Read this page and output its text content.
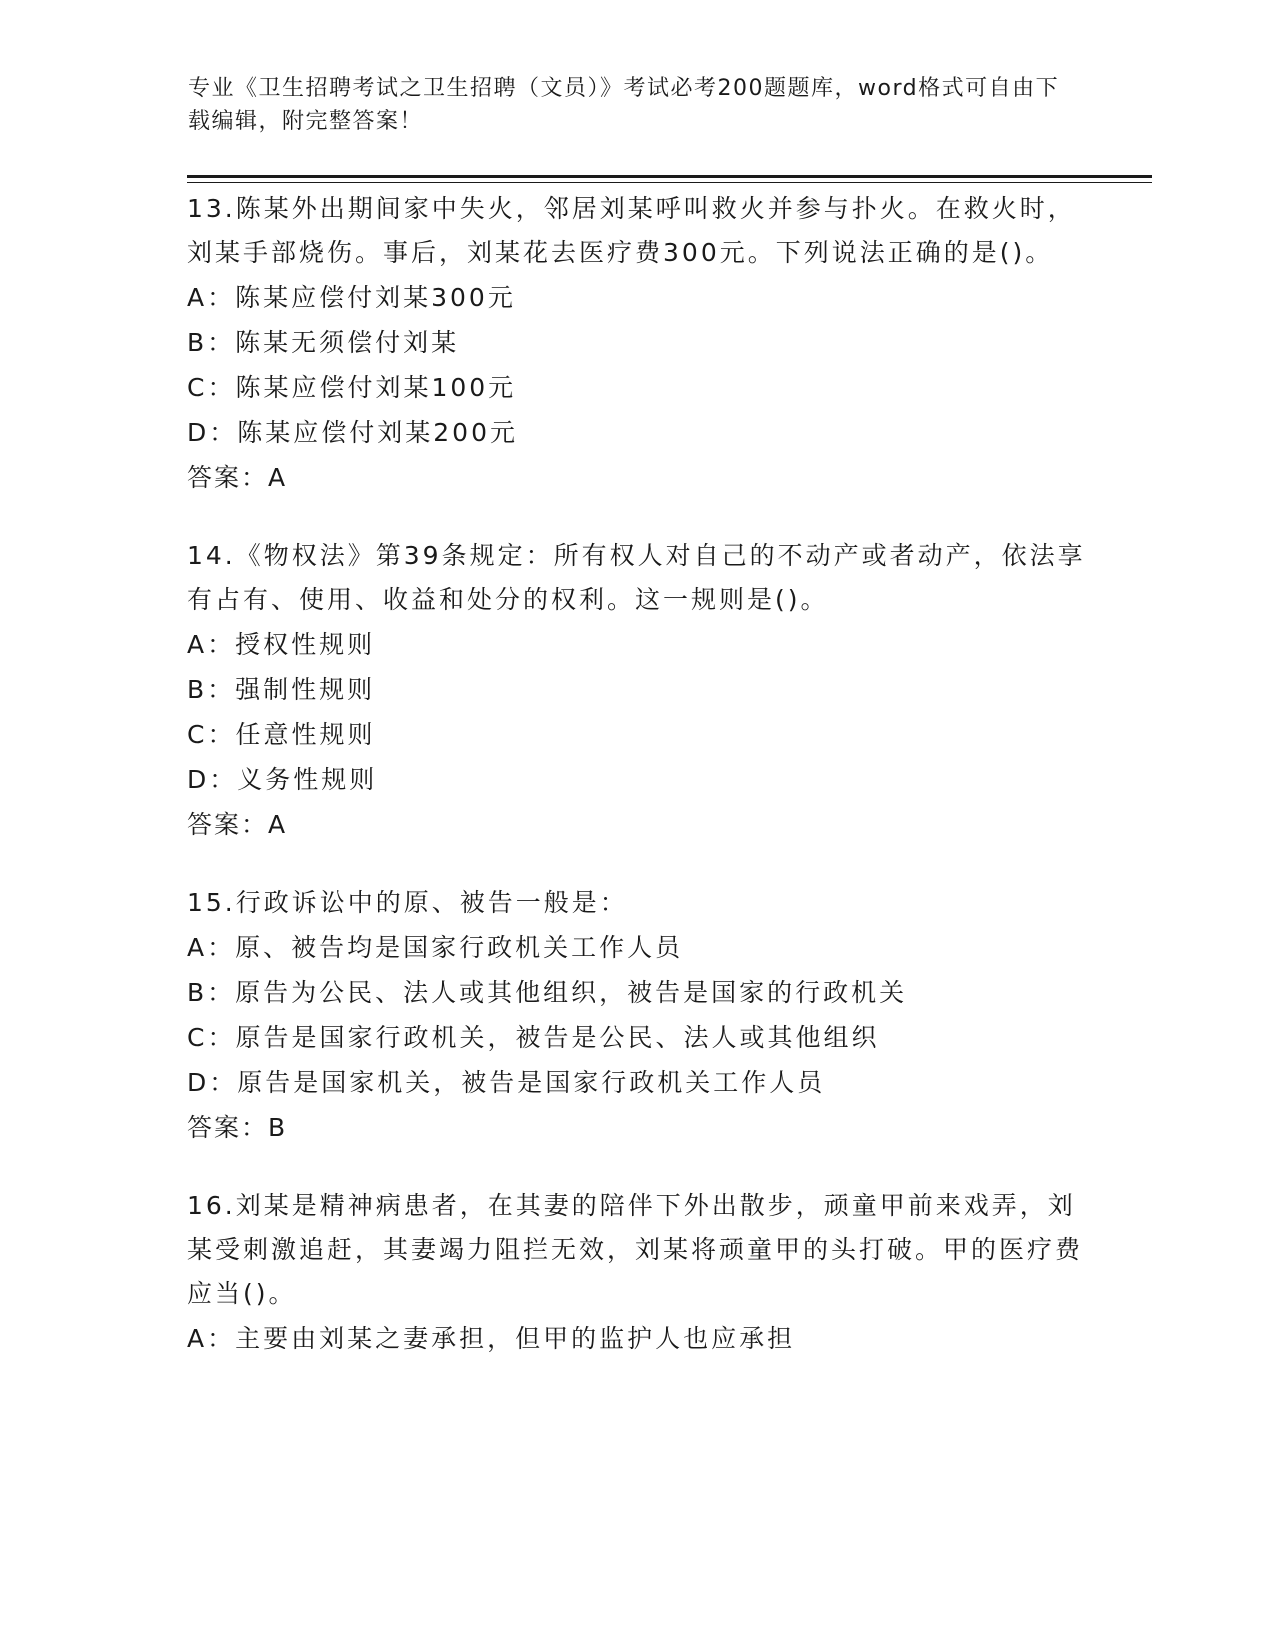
专业《卫生招聘考试之卫生招聘（文员）》考试必考200题题库，word格式可自由下载编辑，附完整答案！
13.陈某外出期间家中失火，邻居刘某呼叫救火并参与扑火。在救火时，刘某手部烧伤。事后，刘某花去医疗费300元。下列说法正确的是()。
A：陈某应偿付刘某300元
B：陈某无须偿付刘某
C：陈某应偿付刘某100元
D：陈某应偿付刘某200元
答案：A
14.《物权法》第39条规定：所有权人对自己的不动产或者动产，依法享有占有、使用、收益和处分的权利。这一规则是()。
A：授权性规则
B：强制性规则
C：任意性规则
D：义务性规则
答案：A
15.行政诉讼中的原、被告一般是：
A：原、被告均是国家行政机关工作人员
B：原告为公民、法人或其他组织，被告是国家的行政机关
C：原告是国家行政机关，被告是公民、法人或其他组织
D：原告是国家机关，被告是国家行政机关工作人员
答案：B
16.刘某是精神病患者，在其妻的陪伴下外出散步，顽童甲前来戏弄，刘某受刺激追赶，其妻竭力阻拦无效，刘某将顽童甲的头打破。甲的医疗费应当()。
A：主要由刘某之妻承担，但甲的监护人也应承担
